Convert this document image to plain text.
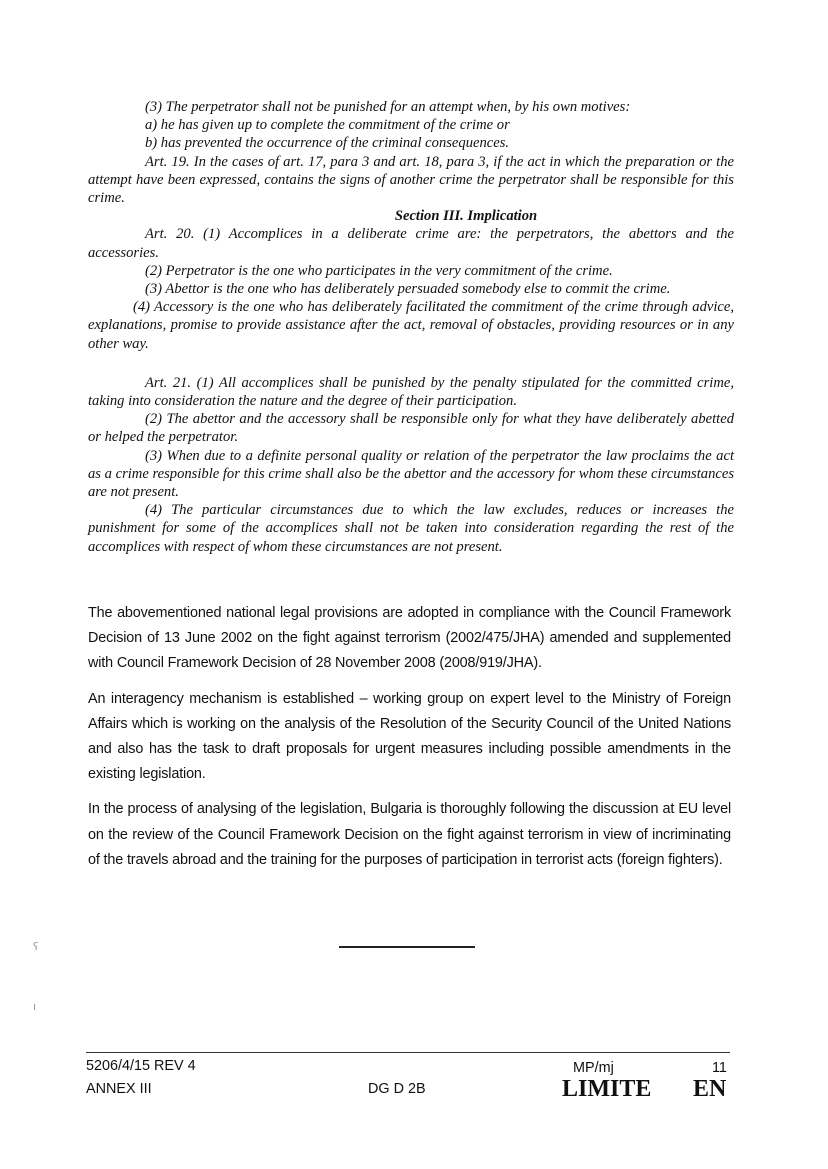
(3) The perpetrator shall not be punished for an attempt when, by his own motives:

a) he has given up to complete the commitment of the crime or

b) has prevented the occurrence of the criminal consequences.

Art. 19. In the cases of art. 17, para 3 and art. 18, para 3, if the act in which the preparation or the attempt have been expressed, contains the signs of another crime the perpetrator shall be responsible for this crime.

Section III. Implication

Art. 20. (1) Accomplices in a deliberate crime are: the perpetrators, the abettors and the accessories.

(2) Perpetrator is the one who participates in the very commitment of the crime.

(3) Abettor is the one who has deliberately persuaded somebody else to commit the crime.

(4) Accessory is the one who has deliberately facilitated the commitment of the crime through advice, explanations, promise to provide assistance after the act, removal of obstacles, providing resources or in any other way.

Art. 21. (1) All accomplices shall be punished by the penalty stipulated for the committed crime, taking into consideration the nature and the degree of their participation.

(2) The abettor and the accessory shall be responsible only for what they have deliberately abetted or helped the perpetrator.

(3) When due to a definite personal quality or relation of the perpetrator the law proclaims the act as a crime responsible for this crime shall also be the abettor and the accessory for whom these circumstances are not present.

(4) The particular circumstances due to which the law excludes, reduces or increases the punishment for some of the accomplices shall not be taken into consideration regarding the rest of the accomplices with respect of whom these circumstances are not present.

The abovementioned national legal provisions are adopted in compliance with the Council Framework Decision of 13 June 2002 on the fight against terrorism (2002/475/JHA) amended and supplemented with Council Framework Decision of 28 November 2008 (2008/919/JHA).

An interagency mechanism is established – working group on expert level to the Ministry of Foreign Affairs which is working on the analysis of the Resolution of the Security Council of the United Nations and also has the task to draft proposals for urgent measures including possible amendments in the existing legislation.

In the process of analysing of the legislation, Bulgaria is thoroughly following the discussion at EU level on the review of the Council Framework Decision on the fight against terrorism in view of incriminating of the travels abroad and the training for the purposes of participation in terrorist acts (foreign fighters).

ʕ
ı
5206/4/15 REV 4
ANNEX III	DG D 2B
MP/mj	11
LIMITE EN
